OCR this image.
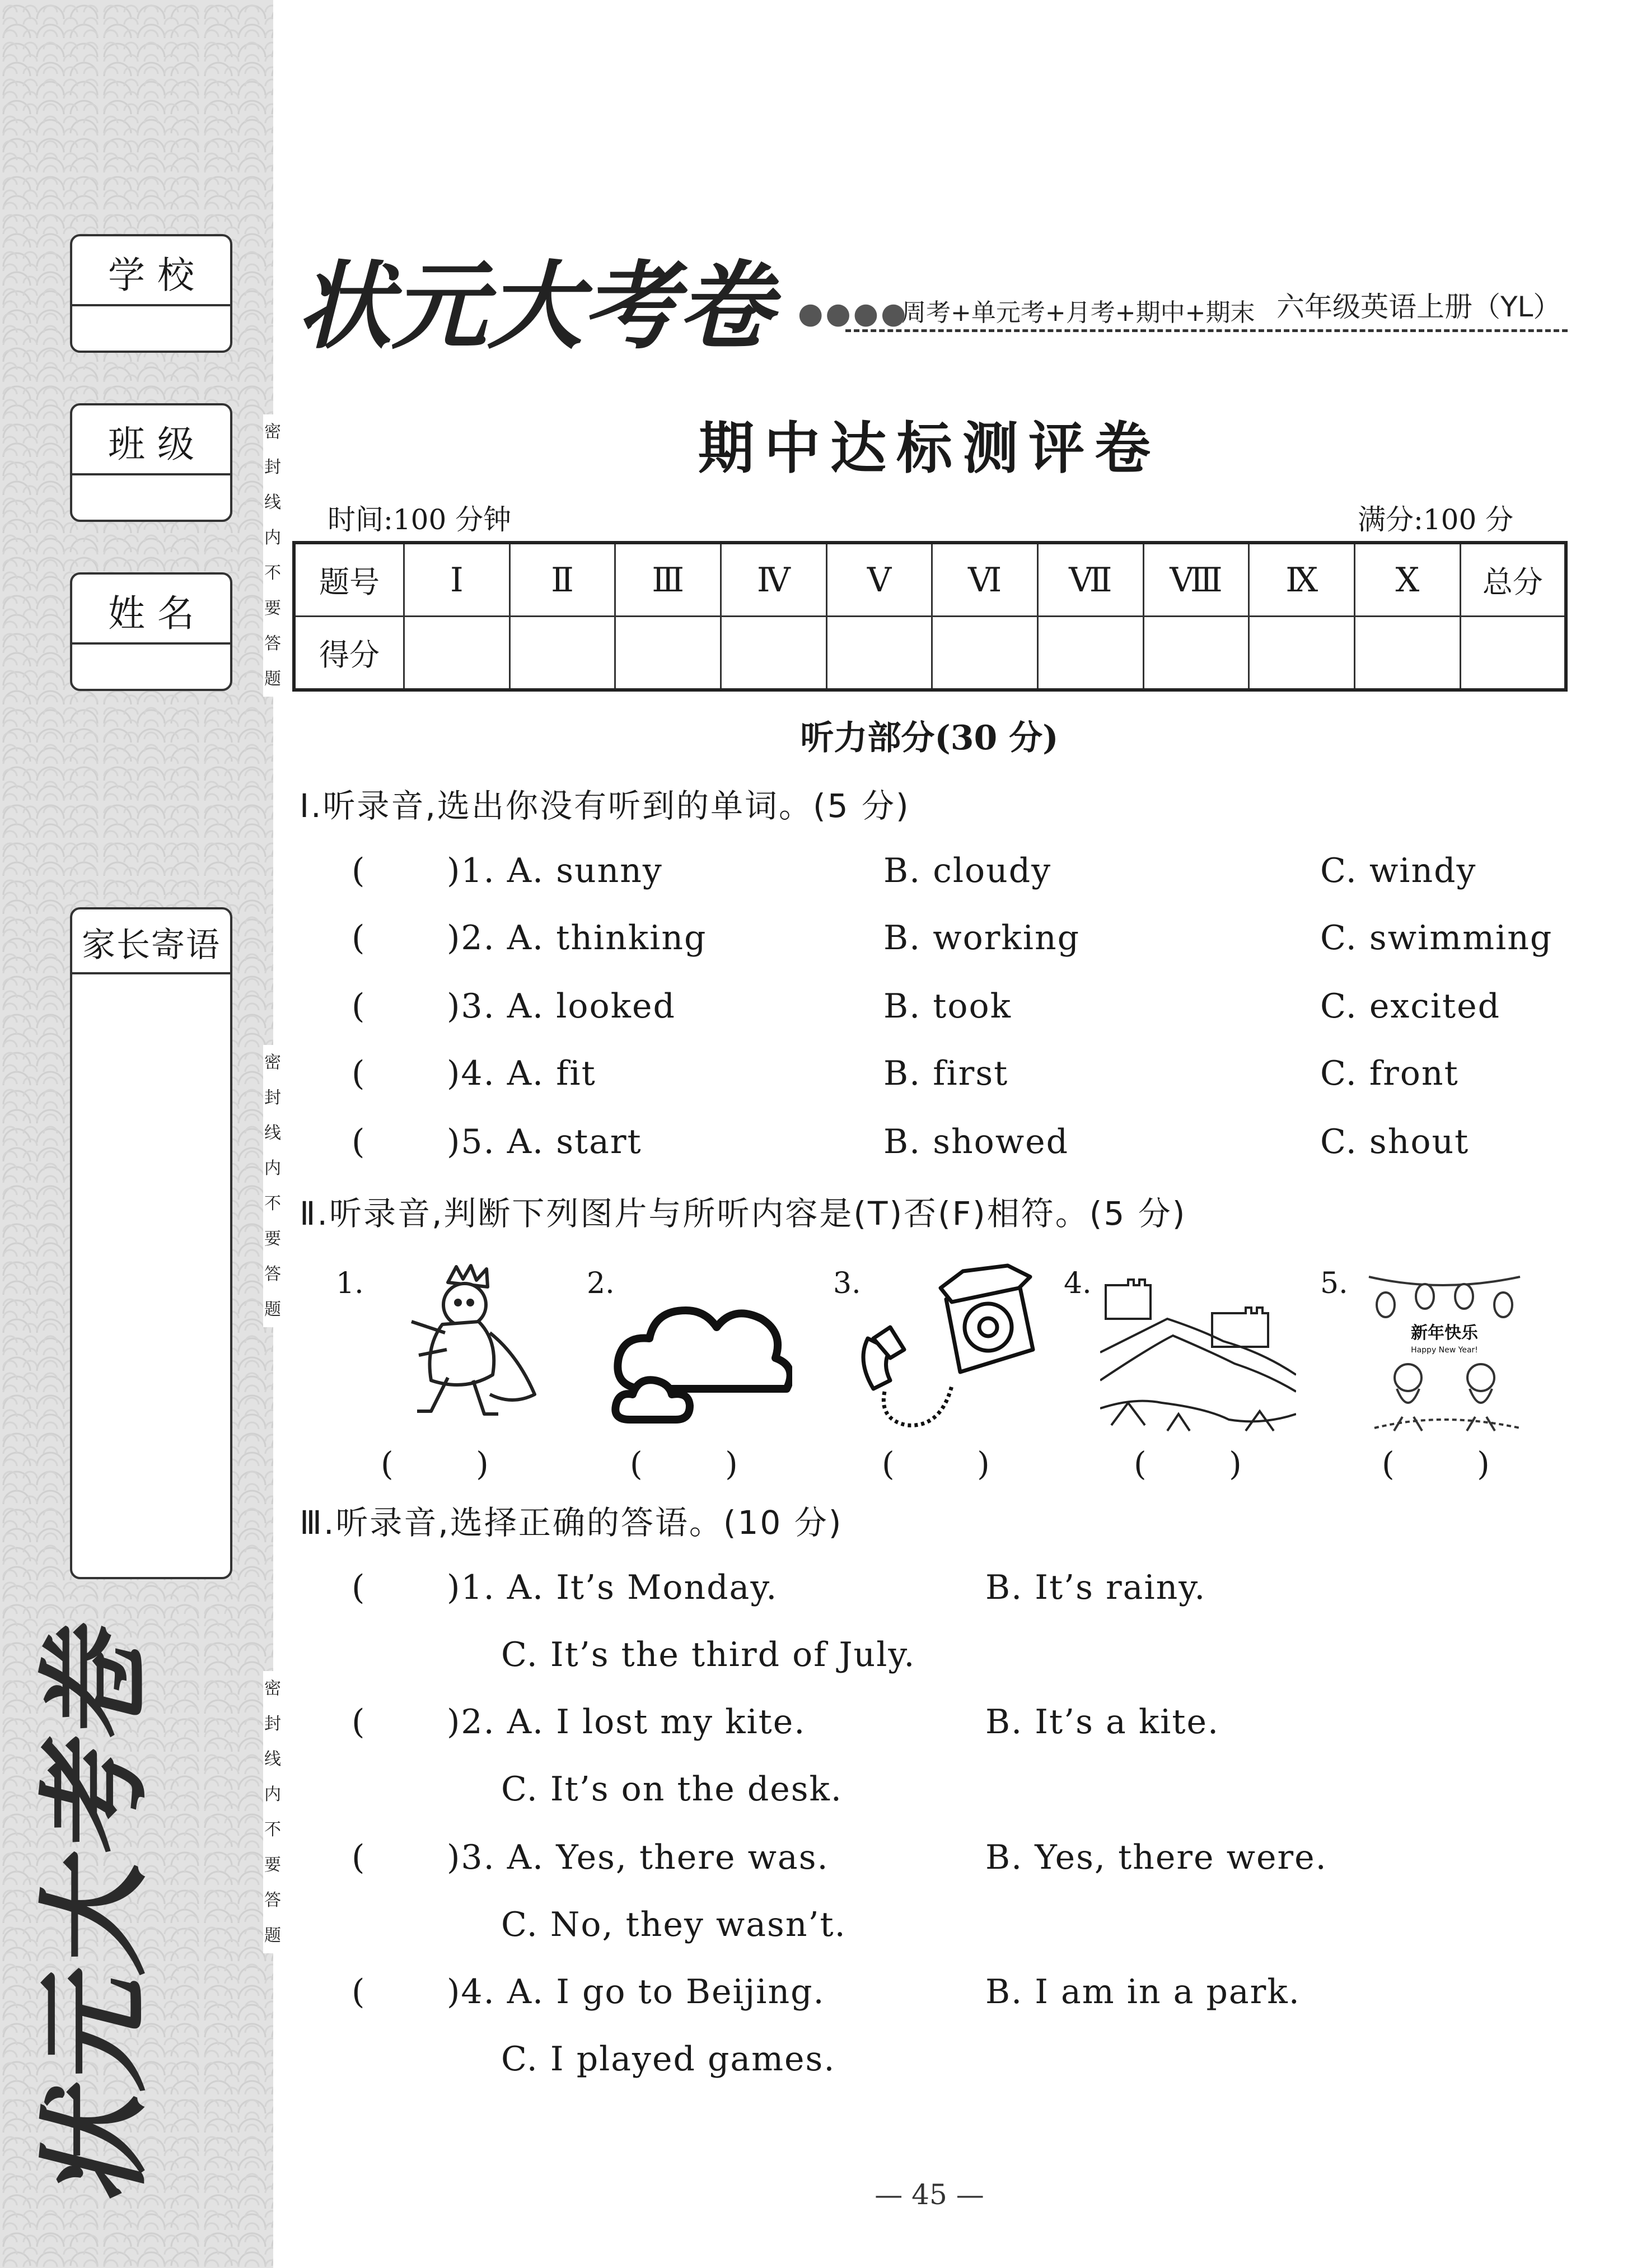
学校
班级
姓名
家长寄语
密
封
线
内
不
要
答
题
密
封
线
内
不
要
答
题
密
封
线
内
不
要
答
题
状元大考卷
状元大考卷 ●●●●
周考+单元考+月考+期中+期末 六年级英语上册（YL）
期中达标测评卷
时间:100 分钟	满分:100 分
题号	Ⅰ	Ⅱ	Ⅲ	Ⅳ	Ⅴ	Ⅵ	Ⅶ	Ⅷ	Ⅸ	Ⅹ	总分
得分											
听力部分(30 分)
Ⅰ.听录音,选出你没有听到的单词。(5 分)
( )1. A. sunny	B. cloudy	C. windy
( )2. A. thinking	B. working	C. swimming
( )3. A. looked	B. took	C. excited
( )4. A. fit	B. first	C. front
( )5. A. start	B. showed	C. shout
Ⅱ.听录音,判断下列图片与所听内容是(T)否(F)相符。(5 分)
1.
(        )
2.
(        )
3.
(        )
4.
(        )
5.
新年快乐
Happy New Year!
(        )
Ⅲ.听录音,选择正确的答语。(10 分)
( )1. A. It’s Monday.	B. It’s rainy.
C. It’s the third of July.
( )2. A. I lost my kite.	B. It’s a kite.
C. It’s on the desk.
( )3. A. Yes, there was.	B. Yes, there were.
C. No, they wasn’t.
( )4. A. I go to Beijing.	B. I am in a park.
C. I played games.
— 45 —
